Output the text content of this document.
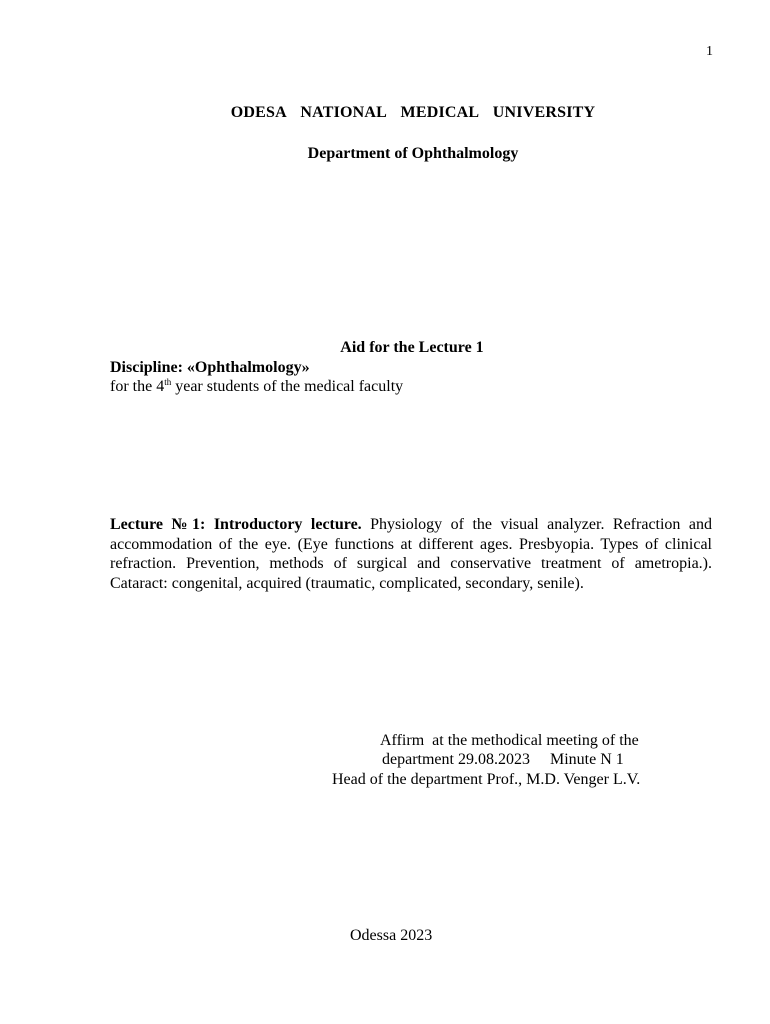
1
ODESA  NATIONAL  MEDICAL  UNIVERSITY
Department of Ophthalmology
Aid for the Lecture 1
Discipline: «Ophthalmology»
for the 4th year students of the medical faculty
Lecture №1: Introductory lecture. Physiology of the visual analyzer. Refraction and accommodation of the eye. (Eye functions at different ages. Presbyopia. Types of clinical refraction. Prevention, methods of surgical and conservative treatment of ametropia.). Cataract: congenital, acquired (traumatic, complicated, secondary, senile).
Affirm  at the methodical meeting of the
department 29.08.2023     Minute N 1
Head of the department Prof., M.D. Venger L.V.
Odessa 2023
